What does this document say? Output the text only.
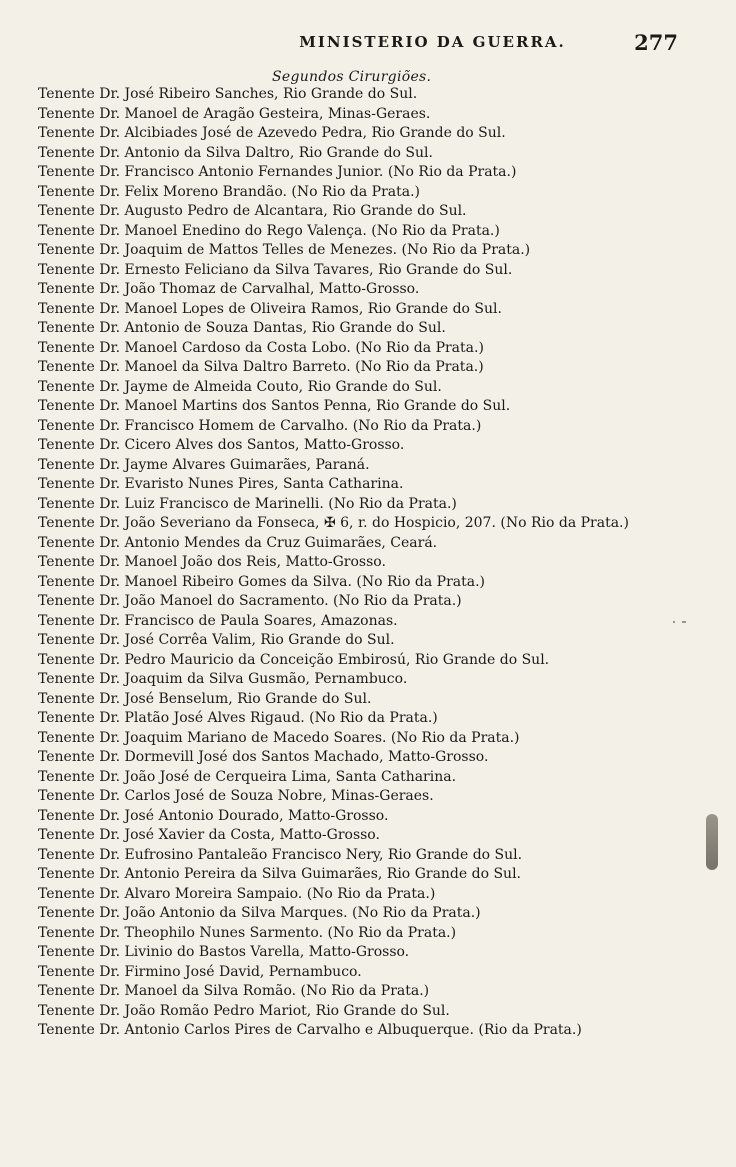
MINISTERIO DA GUERRA.	277
Segundos Cirurgiões.
Tenente Dr. José Ribeiro Sanches, Rio Grande do Sul.
Tenente Dr. Manoel de Aragão Gesteira, Minas-Geraes.
Tenente Dr. Alcibiades José de Azevedo Pedra, Rio Grande do Sul.
Tenente Dr. Antonio da Silva Daltro, Rio Grande do Sul.
Tenente Dr. Francisco Antonio Fernandes Junior. (No Rio da Prata.)
Tenente Dr. Felix Moreno Brandão. (No Rio da Prata.)
Tenente Dr. Augusto Pedro de Alcantara, Rio Grande do Sul.
Tenente Dr. Manoel Enedino do Rego Valença. (No Rio da Prata.)
Tenente Dr. Joaquim de Mattos Telles de Menezes. (No Rio da Prata.)
Tenente Dr. Ernesto Feliciano da Silva Tavares, Rio Grande do Sul.
Tenente Dr. João Thomaz de Carvalhal, Matto-Grosso.
Tenente Dr. Manoel Lopes de Oliveira Ramos, Rio Grande do Sul.
Tenente Dr. Antonio de Souza Dantas, Rio Grande do Sul.
Tenente Dr. Manoel Cardoso da Costa Lobo. (No Rio da Prata.)
Tenente Dr. Manoel da Silva Daltro Barreto. (No Rio da Prata.)
Tenente Dr. Jayme de Almeida Couto, Rio Grande do Sul.
Tenente Dr. Manoel Martins dos Santos Penna, Rio Grande do Sul.
Tenente Dr. Francisco Homem de Carvalho. (No Rio da Prata.)
Tenente Dr. Cicero Alves dos Santos, Matto-Grosso.
Tenente Dr. Jayme Alvares Guimarães, Paraná.
Tenente Dr. Evaristo Nunes Pires, Santa Catharina.
Tenente Dr. Luiz Francisco de Marinelli. (No Rio da Prata.)
Tenente Dr. João Severiano da Fonseca, ✠ 6, r. do Hospicio, 207. (No Rio da Prata.)
Tenente Dr. Antonio Mendes da Cruz Guimarães, Ceará.
Tenente Dr. Manoel João dos Reis, Matto-Grosso.
Tenente Dr. Manoel Ribeiro Gomes da Silva. (No Rio da Prata.)
Tenente Dr. João Manoel do Sacramento. (No Rio da Prata.)
Tenente Dr. Francisco de Paula Soares, Amazonas.
Tenente Dr. José Corrêa Valim, Rio Grande do Sul.
Tenente Dr. Pedro Mauricio da Conceição Embirosú, Rio Grande do Sul.
Tenente Dr. Joaquim da Silva Gusmão, Pernambuco.
Tenente Dr. José Benselum, Rio Grande do Sul.
Tenente Dr. Platão José Alves Rigaud. (No Rio da Prata.)
Tenente Dr. Joaquim Mariano de Macedo Soares. (No Rio da Prata.)
Tenente Dr. Dormevill José dos Santos Machado, Matto-Grosso.
Tenente Dr. João José de Cerqueira Lima, Santa Catharina.
Tenente Dr. Carlos José de Souza Nobre, Minas-Geraes.
Tenente Dr. José Antonio Dourado, Matto-Grosso.
Tenente Dr. José Xavier da Costa, Matto-Grosso.
Tenente Dr. Eufrosino Pantaleão Francisco Nery, Rio Grande do Sul.
Tenente Dr. Antonio Pereira da Silva Guimarães, Rio Grande do Sul.
Tenente Dr. Alvaro Moreira Sampaio. (No Rio da Prata.)
Tenente Dr. João Antonio da Silva Marques. (No Rio da Prata.)
Tenente Dr. Theophilo Nunes Sarmento. (No Rio da Prata.)
Tenente Dr. Livinio do Bastos Varella, Matto-Grosso.
Tenente Dr. Firmino José David, Pernambuco.
Tenente Dr. Manoel da Silva Romão. (No Rio da Prata.)
Tenente Dr. João Romão Pedro Mariot, Rio Grande do Sul.
Tenente Dr. Antonio Carlos Pires de Carvalho e Albuquerque. (Rio da Prata.)
